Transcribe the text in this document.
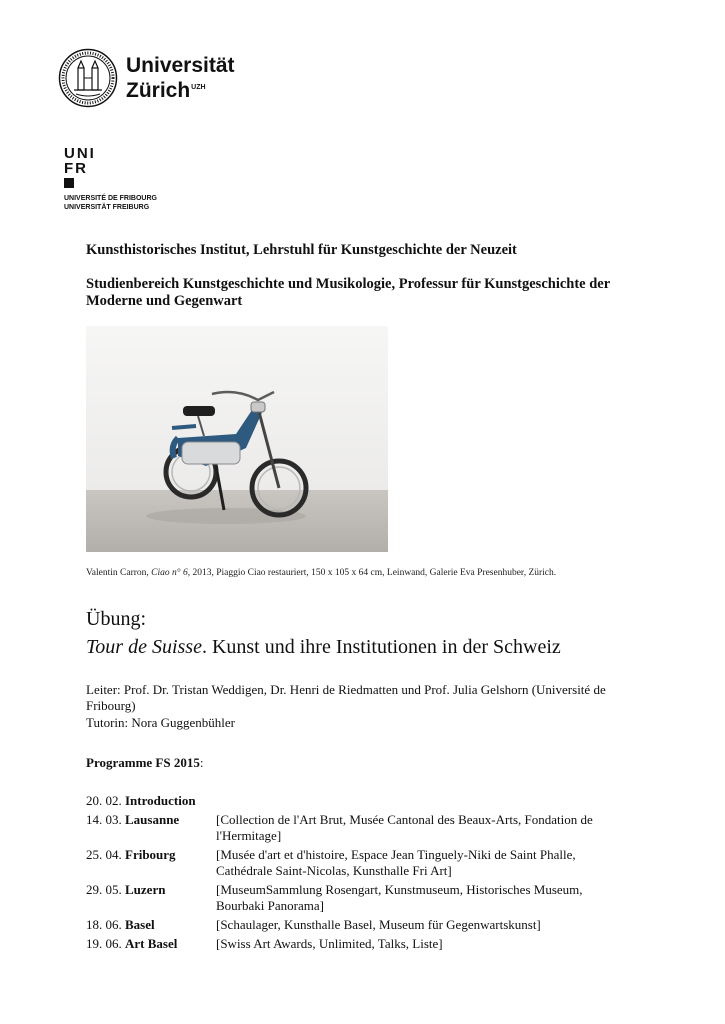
Universität
Zürich$^{UZH}$
UNI
FR
UNIVERSITÉ DE FRIBOURG
UNIVERSITÄT FREIBURG
Kunsthistorisches Institut, Lehrstuhl für Kunstgeschichte der Neuzeit
Studienbereich Kunstgeschichte und Musikologie, Professur für Kunstgeschichte der Moderne und Gegenwart
Valentin Carron, Ciao n° 6, 2013, Piaggio Ciao restauriert, 150 x 105 x 64 cm, Leinwand, Galerie Eva Presenhuber, Zürich.
Übung:
Tour de Suisse. Kunst und ihre Institutionen in der Schweiz
Leiter: Prof. Dr. Tristan Weddigen, Dr. Henri de Riedmatten und Prof. Julia Gelshorn (Université de Fribourg)
Tutorin: Nora Guggenbühler
Programme FS 2015:
20. 02. Introduction
14. 03. Lausanne	[Collection de l'Art Brut, Musée Cantonal des Beaux-Arts, Fondation de l'Hermitage]
25. 04. Fribourg	[Musée d'art et d'histoire, Espace Jean Tinguely-Niki de Saint Phalle, Cathédrale Saint-Nicolas, Kunsthalle Fri Art]
29. 05. Luzern	[MuseumSammlung Rosengart, Kunstmuseum, Historisches Museum, Bourbaki Panorama]
18. 06. Basel	[Schaulager, Kunsthalle Basel, Museum für Gegenwartskunst]
19. 06. Art Basel	[Swiss Art Awards, Unlimited, Talks, Liste]
